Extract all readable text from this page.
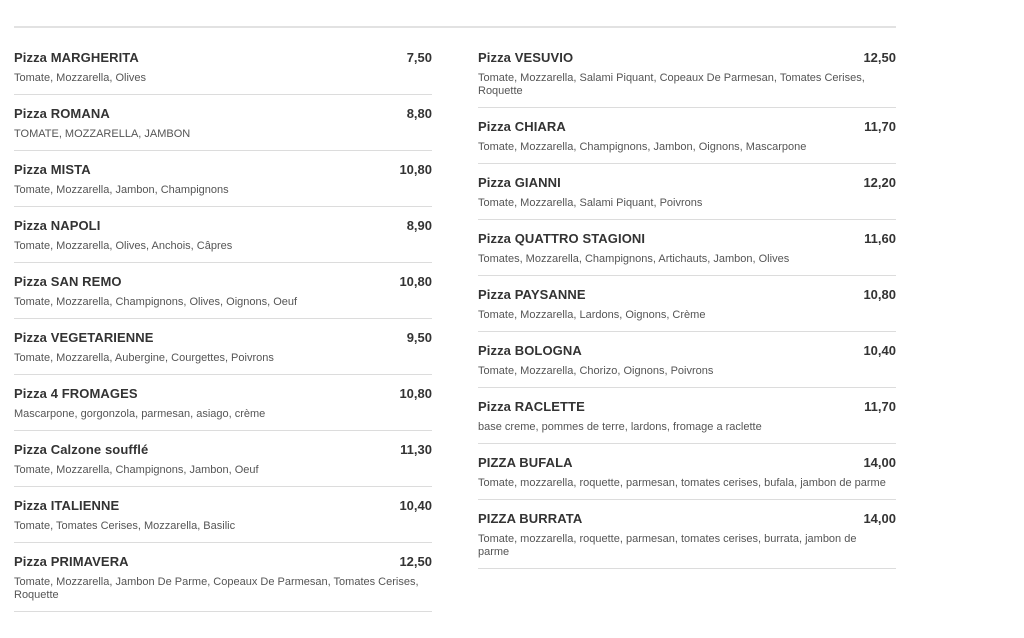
Pizza MARGHERITA	7,50
Tomate, Mozzarella, Olives
Pizza ROMANA	8,80
TOMATE, MOZZARELLA, JAMBON
Pizza MISTA	10,80
Tomate, Mozzarella, Jambon, Champignons
Pizza NAPOLI	8,90
Tomate, Mozzarella, Olives, Anchois, Câpres
Pizza SAN REMO	10,80
Tomate, Mozzarella, Champignons, Olives, Oignons, Oeuf
Pizza VEGETARIENNE	9,50
Tomate, Mozzarella, Aubergine, Courgettes, Poivrons
Pizza 4 FROMAGES	10,80
Mascarpone, gorgonzola, parmesan, asiago, crème
Pizza Calzone soufflé	11,30
Tomate, Mozzarella, Champignons, Jambon, Oeuf
Pizza ITALIENNE	10,40
Tomate, Tomates Cerises, Mozzarella, Basilic
Pizza PRIMAVERA	12,50
Tomate, Mozzarella, Jambon De Parme, Copeaux De Parmesan, Tomates Cerises, Roquette
Pizza VESUVIO	12,50
Tomate, Mozzarella, Salami Piquant, Copeaux De Parmesan, Tomates Cerises, Roquette
Pizza CHIARA	11,70
Tomate, Mozzarella, Champignons, Jambon, Oignons, Mascarpone
Pizza GIANNI	12,20
Tomate, Mozzarella, Salami Piquant, Poivrons
Pizza QUATTRO STAGIONI	11,60
Tomates, Mozzarella, Champignons, Artichauts, Jambon, Olives
Pizza PAYSANNE	10,80
Tomate, Mozzarella, Lardons, Oignons, Crème
Pizza BOLOGNA	10,40
Tomate, Mozzarella, Chorizo, Oignons, Poivrons
Pizza RACLETTE	11,70
base creme, pommes de terre, lardons, fromage a raclette
PIZZA BUFALA	14,00
Tomate, mozzarella, roquette, parmesan, tomates cerises, bufala, jambon de parme
PIZZA BURRATA	14,00
Tomate, mozzarella, roquette, parmesan, tomates cerises, burrata, jambon de parme
